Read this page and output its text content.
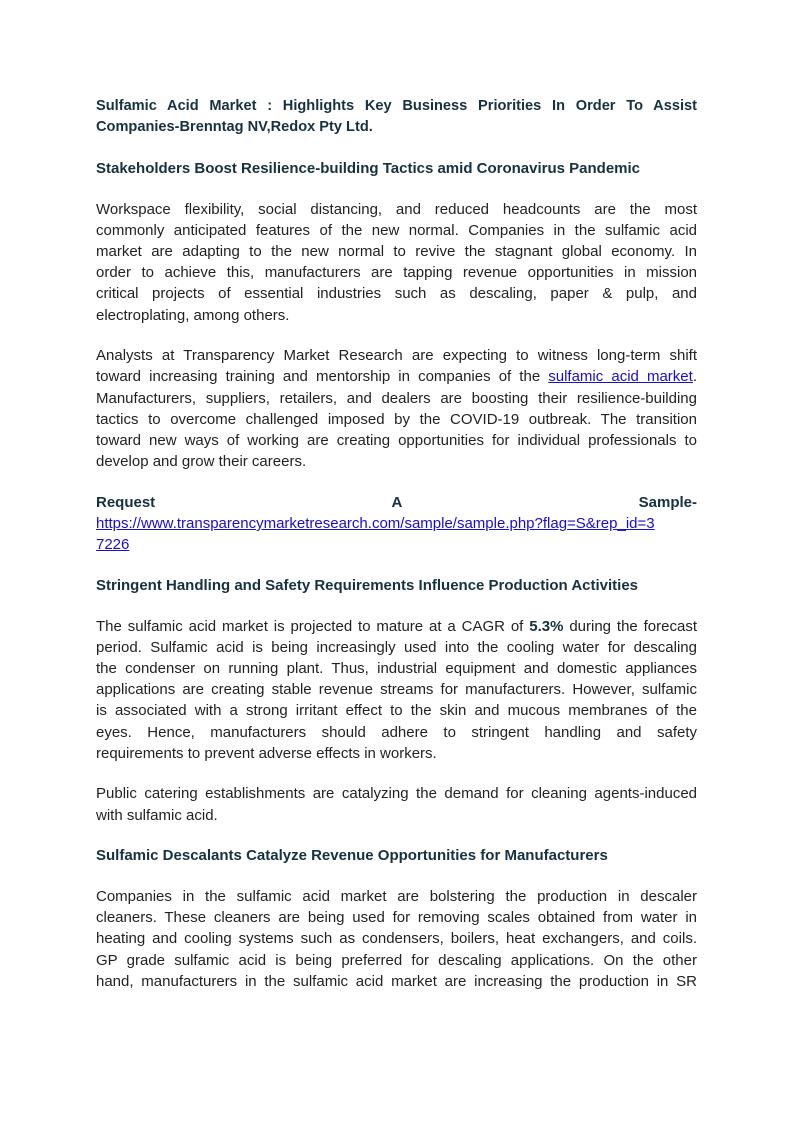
Sulfamic Acid Market : Highlights Key Business Priorities In Order To Assist
Companies-Brenntag NV,Redox Pty Ltd.
Stakeholders Boost Resilience-building Tactics amid Coronavirus Pandemic
Workspace flexibility, social distancing, and reduced headcounts are the most
commonly anticipated features of the new normal. Companies in the sulfamic acid
market are adapting to the new normal to revive the stagnant global economy. In
order to achieve this, manufacturers are tapping revenue opportunities in mission
critical projects of essential industries such as descaling, paper & pulp, and
electroplating, among others.
Analysts at Transparency Market Research are expecting to witness long-term shift
toward increasing training and mentorship in companies of the sulfamic acid market.
Manufacturers, suppliers, retailers, and dealers are boosting their resilience-building
tactics to overcome challenged imposed by the COVID-19 outbreak. The transition
toward new ways of working are creating opportunities for individual professionals to
develop and grow their careers.
Request	A	Sample-
https://www.transparencymarketresearch.com/sample/sample.php?flag=S&rep_id=3
7226
Stringent Handling and Safety Requirements Influence Production Activities
The sulfamic acid market is projected to mature at a CAGR of 5.3% during the forecast
period. Sulfamic acid is being increasingly used into the cooling water for descaling
the condenser on running plant. Thus, industrial equipment and domestic appliances
applications are creating stable revenue streams for manufacturers. However, sulfamic
is associated with a strong irritant effect to the skin and mucous membranes of the
eyes. Hence, manufacturers should adhere to stringent handling and safety
requirements to prevent adverse effects in workers.
Public catering establishments are catalyzing the demand for cleaning agents-induced
with sulfamic acid.
Sulfamic Descalants Catalyze Revenue Opportunities for Manufacturers
Companies in the sulfamic acid market are bolstering the production in descaler
cleaners. These cleaners are being used for removing scales obtained from water in
heating and cooling systems such as condensers, boilers, heat exchangers, and coils.
GP grade sulfamic acid is being preferred for descaling applications. On the other
hand, manufacturers in the sulfamic acid market are increasing the production in SR
